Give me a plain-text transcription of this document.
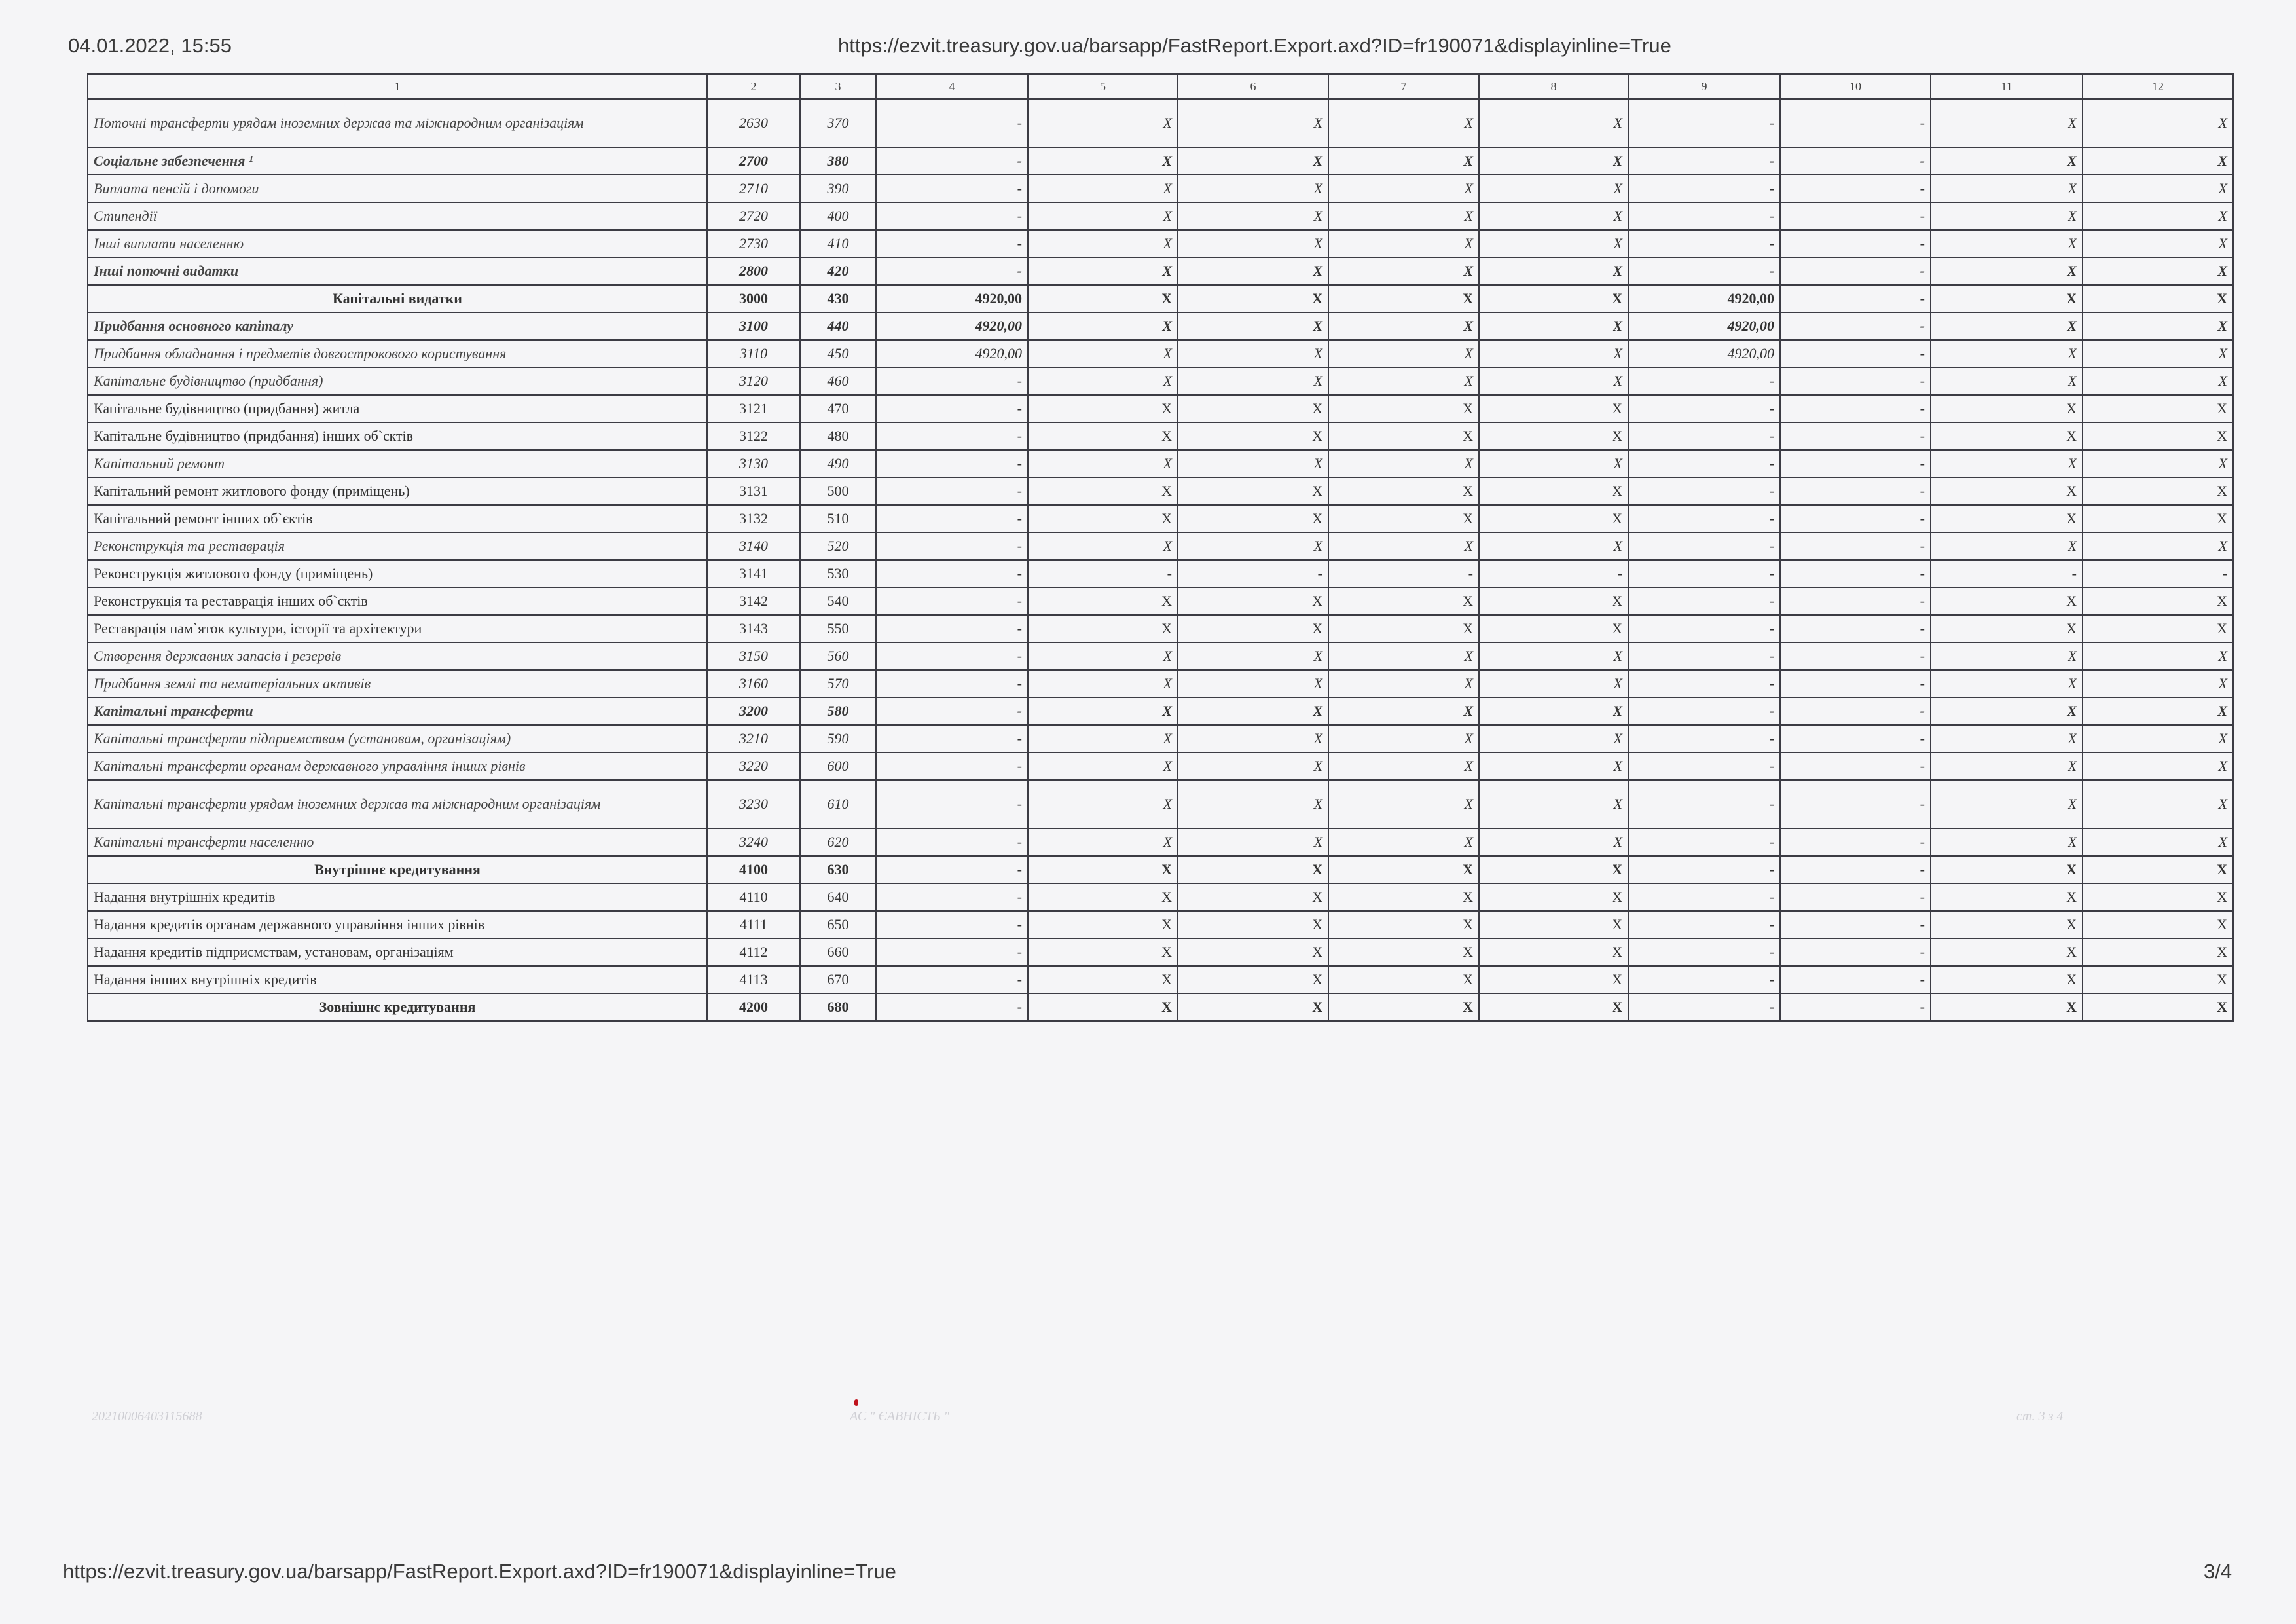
04.01.2022, 15:55	https://ezvit.treasury.gov.ua/barsapp/FastReport.Export.axd?ID=fr190071&displayinline=True
1	2	3	4	5	6	7	8	9	10	11	12
Поточні трансферти урядам іноземних держав та міжнародним організаціям	2630	370	-	X	X	X	X	-	-	X	X
Соціальне забезпечення ¹	2700	380	-	X	X	X	X	-	-	X	X
Виплата пенсій і допомоги	2710	390	-	X	X	X	X	-	-	X	X
Стипендії	2720	400	-	X	X	X	X	-	-	X	X
Інші виплати населенню	2730	410	-	X	X	X	X	-	-	X	X
Інші поточні видатки	2800	420	-	X	X	X	X	-	-	X	X
Капітальні видатки	3000	430	4920,00	X	X	X	X	4920,00	-	X	X
Придбання основного капіталу	3100	440	4920,00	X	X	X	X	4920,00	-	X	X
Придбання обладнання і предметів довгострокового користування	3110	450	4920,00	X	X	X	X	4920,00	-	X	X
Капітальне будівництво (придбання)	3120	460	-	X	X	X	X	-	-	X	X
Капітальне будівництво (придбання) житла	3121	470	-	X	X	X	X	-	-	X	X
Капітальне будівництво (придбання) інших об`єктів	3122	480	-	X	X	X	X	-	-	X	X
Капітальний ремонт	3130	490	-	X	X	X	X	-	-	X	X
Капітальний ремонт житлового фонду (приміщень)	3131	500	-	X	X	X	X	-	-	X	X
Капітальний ремонт інших об`єктів	3132	510	-	X	X	X	X	-	-	X	X
Реконструкція та реставрація	3140	520	-	X	X	X	X	-	-	X	X
Реконструкція житлового фонду (приміщень)	3141	530	-	-	-	-	-	-	-	-	-
Реконструкція та реставрація інших об`єктів	3142	540	-	X	X	X	X	-	-	X	X
Реставрація пам`яток культури, історії та архітектури	3143	550	-	X	X	X	X	-	-	X	X
Створення державних запасів і резервів	3150	560	-	X	X	X	X	-	-	X	X
Придбання землі та нематеріальних активів	3160	570	-	X	X	X	X	-	-	X	X
Капітальні трансферти	3200	580	-	X	X	X	X	-	-	X	X
Капітальні трансферти підприємствам (установам, організаціям)	3210	590	-	X	X	X	X	-	-	X	X
Капітальні трансферти органам державного управління інших рівнів	3220	600	-	X	X	X	X	-	-	X	X
Капітальні трансферти урядам іноземних держав та міжнародним організаціям	3230	610	-	X	X	X	X	-	-	X	X
Капітальні трансферти населенню	3240	620	-	X	X	X	X	-	-	X	X
Внутрішнє кредитування	4100	630	-	X	X	X	X	-	-	X	X
Надання внутрішніх кредитів	4110	640	-	X	X	X	X	-	-	X	X
Надання кредитів органам державного управління інших рівнів	4111	650	-	X	X	X	X	-	-	X	X
Надання кредитів підприємствам, установам, організаціям	4112	660	-	X	X	X	X	-	-	X	X
Надання інших внутрішніх кредитів	4113	670	-	X	X	X	X	-	-	X	X
Зовнішнє кредитування	4200	680	-	X	X	X	X	-	-	X	X
20210006403115688	АС " ЄАВНІСТЬ "	ст. 3 з 4
https://ezvit.treasury.gov.ua/barsapp/FastReport.Export.axd?ID=fr190071&displayinline=True	3/4
